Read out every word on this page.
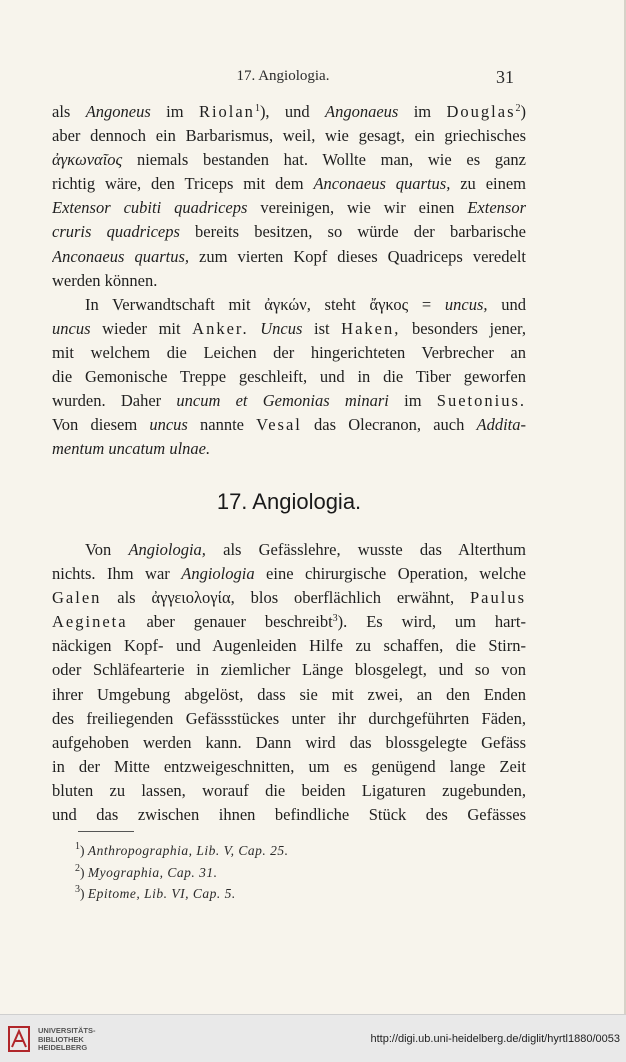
17. Angiologia.	31
als Angoneus im Riolan$^1$), und Angonaeus im Douglas$^2$)
aber dennoch ein Barbarismus, weil, wie gesagt, ein griechisches
ἀγκωναῖος niemals bestanden hat. Wollte man, wie es ganz
richtig wäre, den Triceps mit dem Anconaeus quartus, zu einem
Extensor cubiti quadriceps vereinigen, wie wir einen Extensor
cruris quadriceps bereits besitzen, so würde der barbarische
Anconaeus quartus, zum vierten Kopf dieses Quadriceps veredelt
werden können.
In Verwandtschaft mit ἀγκών, steht ἄγκος = uncus, und
uncus wieder mit Anker. Uncus ist Haken, besonders jener,
mit welchem die Leichen der hingerichteten Verbrecher an
die Gemonische Treppe geschleift, und in die Tiber geworfen
wurden. Daher uncum et Gemonias minari im Suetonius.
Von diesem uncus nannte Vesal das Olecranon, auch Addita-
mentum uncatum ulnae.
17. Angiologia.
Von Angiologia, als Gefässlehre, wusste das Alterthum
nichts. Ihm war Angiologia eine chirurgische Operation, welche
Galen als ἀγγειολογία, blos oberflächlich erwähnt, Paulus
Aegineta aber genauer beschreibt$^3$). Es wird, um hart-
näckigen Kopf- und Augenleiden Hilfe zu schaffen, die Stirn-
oder Schläfearterie in ziemlicher Länge blosgelegt, und so von
ihrer Umgebung abgelöst, dass sie mit zwei, an den Enden
des freiliegenden Gefässstückes unter ihr durchgeführten Fäden,
aufgehoben werden kann. Dann wird das blossgelegte Gefäss
in der Mitte entzweigeschnitten, um es genügend lange Zeit
bluten zu lassen, worauf die beiden Ligaturen zugebunden,
und das zwischen ihnen befindliche Stück des Gefässes
$^1$) Anthropographia, Lib. V, Cap. 25.
$^2$) Myographia, Cap. 31.
$^3$) Epitome, Lib. VI, Cap. 5.
UNIVERSITÄTS-
BIBLIOTHEK
HEIDELBERG
http://digi.ub.uni-heidelberg.de/diglit/hyrtl1880/0053
